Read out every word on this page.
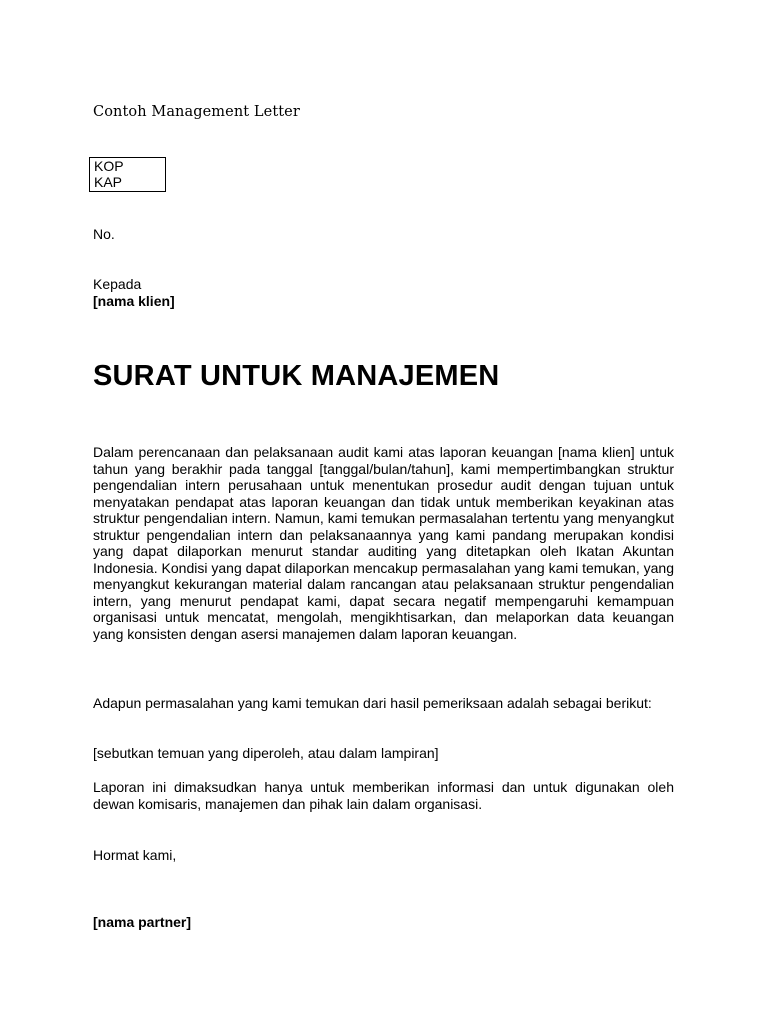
Contoh Management Letter
KOP
KAP
No.
Kepada
[nama klien]
SURAT UNTUK MANAJEMEN

Dalam perencanaan dan pelaksanaan audit kami atas laporan keuangan [nama klien] untuk tahun yang berakhir pada tanggal [tanggal/bulan/tahun], kami mempertimbangkan struktur pengendalian intern perusahaan untuk menentukan prosedur audit dengan tujuan untuk menyatakan pendapat atas laporan keuangan dan tidak untuk memberikan keyakinan atas struktur pengendalian intern. Namun, kami temukan permasalahan tertentu yang menyangkut struktur pengendalian intern dan pelaksanaannya yang kami pandang merupakan kondisi yang dapat dilaporkan menurut standar auditing yang ditetapkan oleh Ikatan Akuntan Indonesia. Kondisi yang dapat dilaporkan mencakup permasalahan yang kami temukan, yang menyangkut kekurangan material dalam rancangan atau pelaksanaan struktur pengendalian intern, yang menurut pendapat kami, dapat secara negatif mempengaruhi kemampuan organisasi untuk mencatat, mengolah, mengikhtisarkan, dan melaporkan data keuangan yang konsisten dengan asersi manajemen dalam laporan keuangan.

Adapun permasalahan yang kami temukan dari hasil pemeriksaan adalah sebagai berikut:

[sebutkan temuan yang diperoleh, atau dalam lampiran]

Laporan ini dimaksudkan hanya untuk memberikan informasi dan untuk digunakan oleh dewan komisaris, manajemen dan pihak lain dalam organisasi.

Hormat kami,
[nama partner]
